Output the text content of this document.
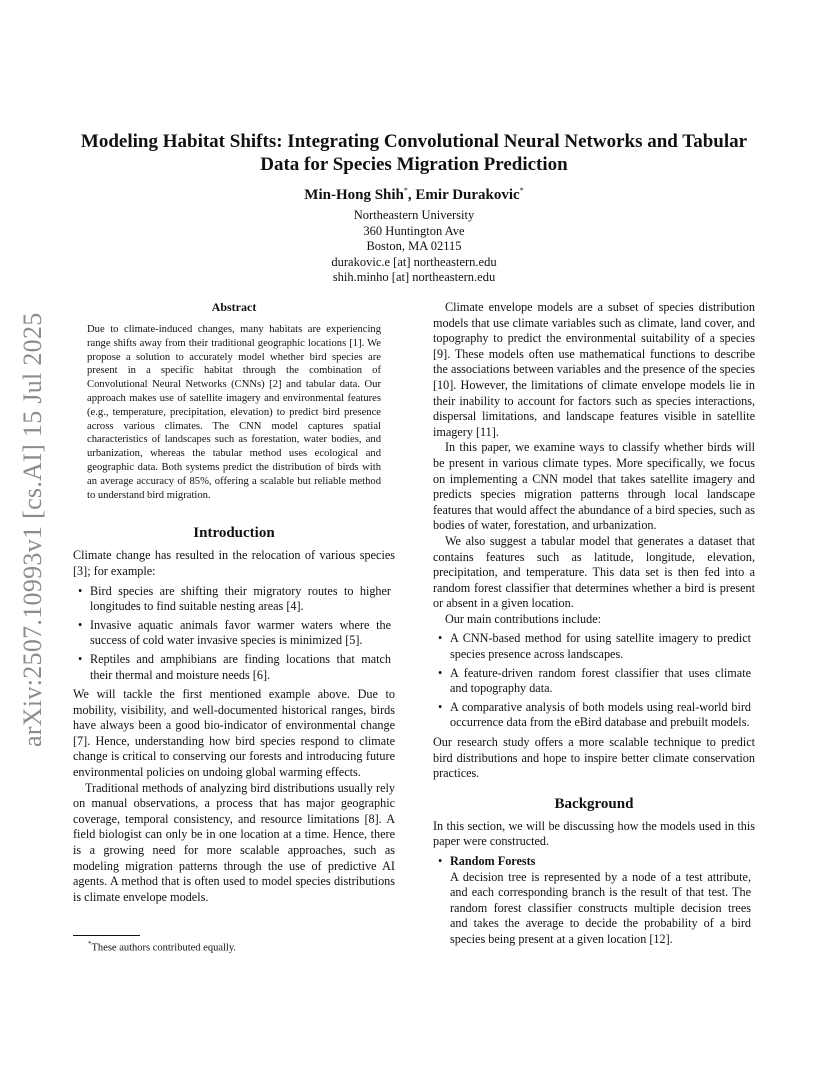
arXiv:2507.10993v1 [cs.AI] 15 Jul 2025
Modeling Habitat Shifts: Integrating Convolutional Neural Networks and Tabular Data for Species Migration Prediction
Min-Hong Shih*, Emir Durakovic*
Northeastern University
360 Huntington Ave
Boston, MA 02115
durakovic.e [at] northeastern.edu
shih.minho [at] northeastern.edu
Abstract

Due to climate-induced changes, many habitats are experiencing range shifts away from their traditional geographic locations [1]. We propose a solution to accurately model whether bird species are present in a specific habitat through the combination of Convolutional Neural Networks (CNNs) [2] and tabular data. Our approach makes use of satellite imagery and environmental features (e.g., temperature, precipitation, elevation) to predict bird presence across various climates. The CNN model captures spatial characteristics of landscapes such as forestation, water bodies, and urbanization, whereas the tabular method uses ecological and geographic data. Both systems predict the distribution of birds with an average accuracy of 85%, offering a scalable but reliable method to understand bird migration.

Introduction

Climate change has resulted in the relocation of various species [3]; for example:

• Bird species are shifting their migratory routes to higher longitudes to find suitable nesting areas [4].
• Invasive aquatic animals favor warmer waters where the success of cold water invasive species is minimized [5].
• Reptiles and amphibians are finding locations that match their thermal and moisture needs [6].

We will tackle the first mentioned example above. Due to mobility, visibility, and well-documented historical ranges, birds have always been a good bio-indicator of environmental change [7]. Hence, understanding how bird species respond to climate change is critical to conserving our forests and introducing future environmental policies on undoing global warming effects.

Traditional methods of analyzing bird distributions usually rely on manual observations, a process that has major geographic coverage, temporal consistency, and resource limitations [8]. A field biologist can only be in one location at a time. Hence, there is a growing need for more scalable approaches, such as modeling migration patterns through the use of predictive AI agents. A method that is often used to model species distributions is climate envelope models.

Climate envelope models are a subset of species distribution models that use climate variables such as climate, land cover, and topography to predict the environmental suitability of a species [9]. These models often use mathematical functions to describe the associations between variables and the presence of the species [10]. However, the limitations of climate envelope models lie in their inability to account for factors such as species interactions, dispersal limitations, and landscape features visible in satellite imagery [11].

In this paper, we examine ways to classify whether birds will be present in various climate types. More specifically, we focus on implementing a CNN model that takes satellite imagery and predicts species migration patterns through local landscape features that would affect the abundance of a bird species, such as bodies of water, forestation, and urbanization.

We also suggest a tabular model that generates a dataset that contains features such as latitude, longitude, elevation, precipitation, and temperature. This data set is then fed into a random forest classifier that determines whether a bird is present or absent in a given location.

Our main contributions include:

• A CNN-based method for using satellite imagery to predict species presence across landscapes.
• A feature-driven random forest classifier that uses climate and topography data.
• A comparative analysis of both models using real-world bird occurrence data from the eBird database and prebuilt models.

Our research study offers a more scalable technique to predict bird distributions and hope to inspire better climate conservation practices.

Background

In this section, we will be discussing how the models used in this paper were constructed.

• Random Forests
A decision tree is represented by a node of a test attribute, and each corresponding branch is the result of that test. The random forest classifier constructs multiple decision trees and takes the average to decide the probability of a bird species being present at a given location [12].
*These authors contributed equally.
